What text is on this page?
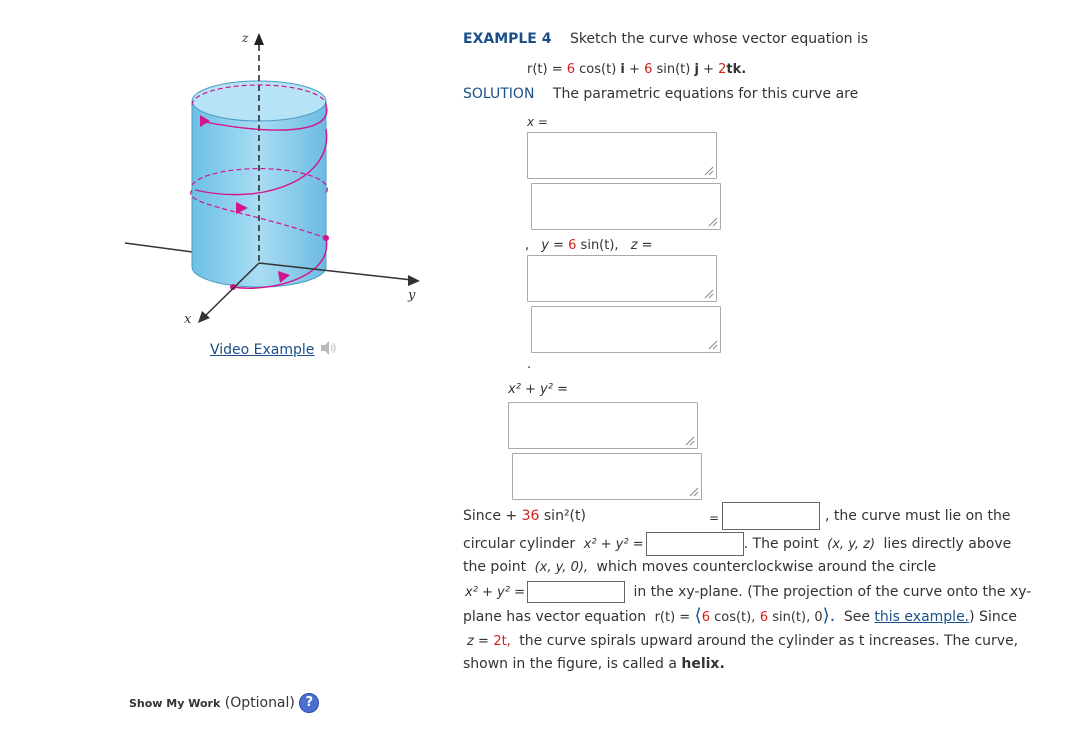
z
y
x
Video Example
Show My Work (Optional) ?
EXAMPLE 4 Sketch the curve whose vector equation is
r(t) = 6 cos(t) i + 6 sin(t) j + 2tk.
SOLUTION The parametric equations for this curve are
x =
, y = 6 sin(t), z =
.
x² + y² =
Since + 36 sin²(t)	=	, the curve must lie on the
circular cylinder x² + y² =	. The point (x, y, z) lies directly above
the point (x, y, 0), which moves counterclockwise around the circle
x² + y² =	in the xy-plane. (The projection of the curve onto the xy-
plane has vector equation r(t) = ⟨6 cos(t), 6 sin(t), 0⟩. See this example.) Since
z = 2t, the curve spirals upward around the cylinder as t increases. The curve,
shown in the figure, is called a helix.
